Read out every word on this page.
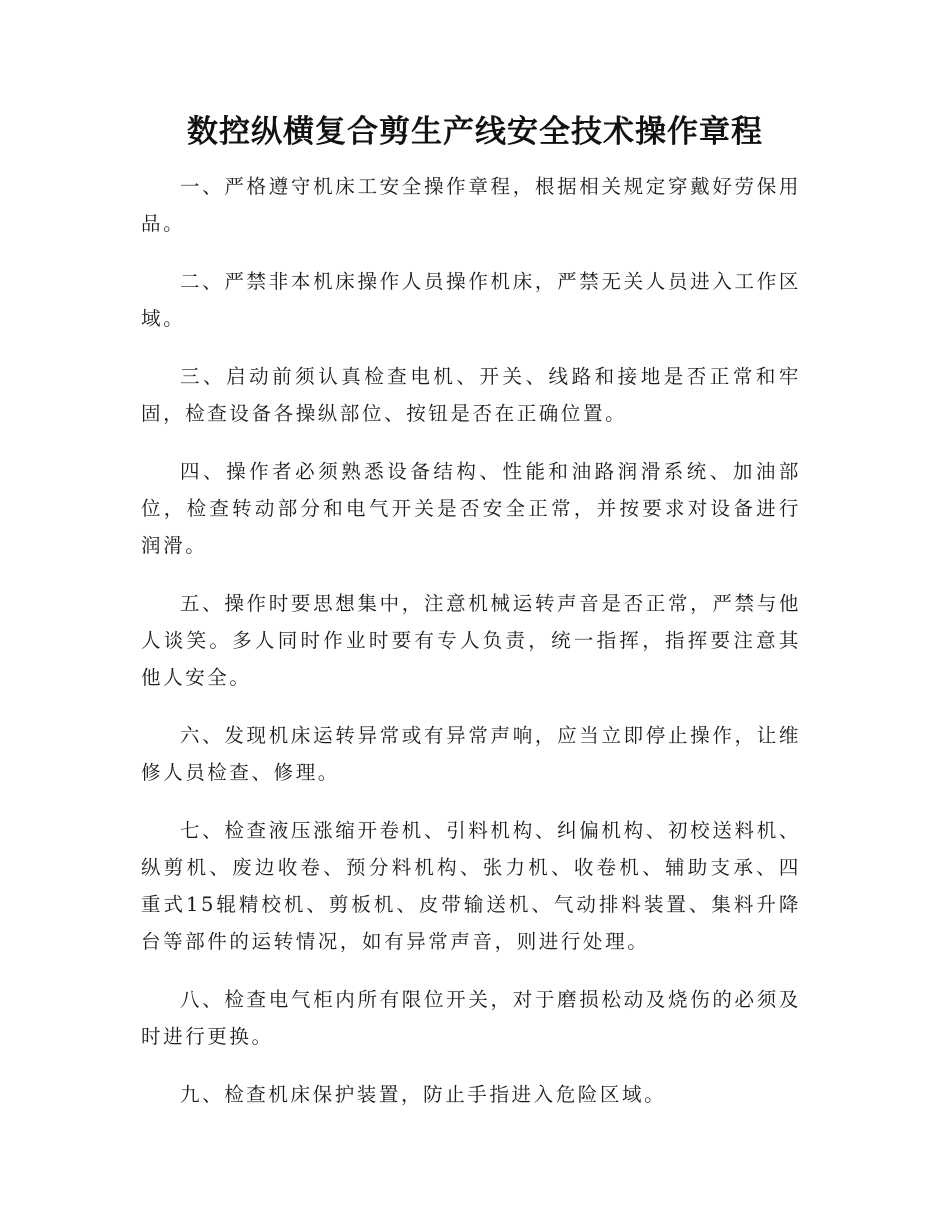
数控纵横复合剪生产线安全技术操作章程

一、严格遵守机床工安全操作章程，根据相关规定穿戴好劳保用品。

二、严禁非本机床操作人员操作机床，严禁无关人员进入工作区域。

三、启动前须认真检查电机、开关、线路和接地是否正常和牢固，检查设备各操纵部位、按钮是否在正确位置。

四、操作者必须熟悉设备结构、性能和油路润滑系统、加油部位，检查转动部分和电气开关是否安全正常，并按要求对设备进行润滑。

五、操作时要思想集中，注意机械运转声音是否正常，严禁与他人谈笑。多人同时作业时要有专人负责，统一指挥，指挥要注意其他人安全。

六、发现机床运转异常或有异常声响，应当立即停止操作，让维修人员检查、修理。

七、检查液压涨缩开卷机、引料机构、纠偏机构、初校送料机、纵剪机、废边收卷、预分料机构、张力机、收卷机、辅助支承、四重式15辊精校机、剪板机、皮带输送机、气动排料装置、集料升降台等部件的运转情况，如有异常声音，则进行处理。

八、检查电气柜内所有限位开关，对于磨损松动及烧伤的必须及时进行更换。

九、检查机床保护装置，防止手指进入危险区域。
